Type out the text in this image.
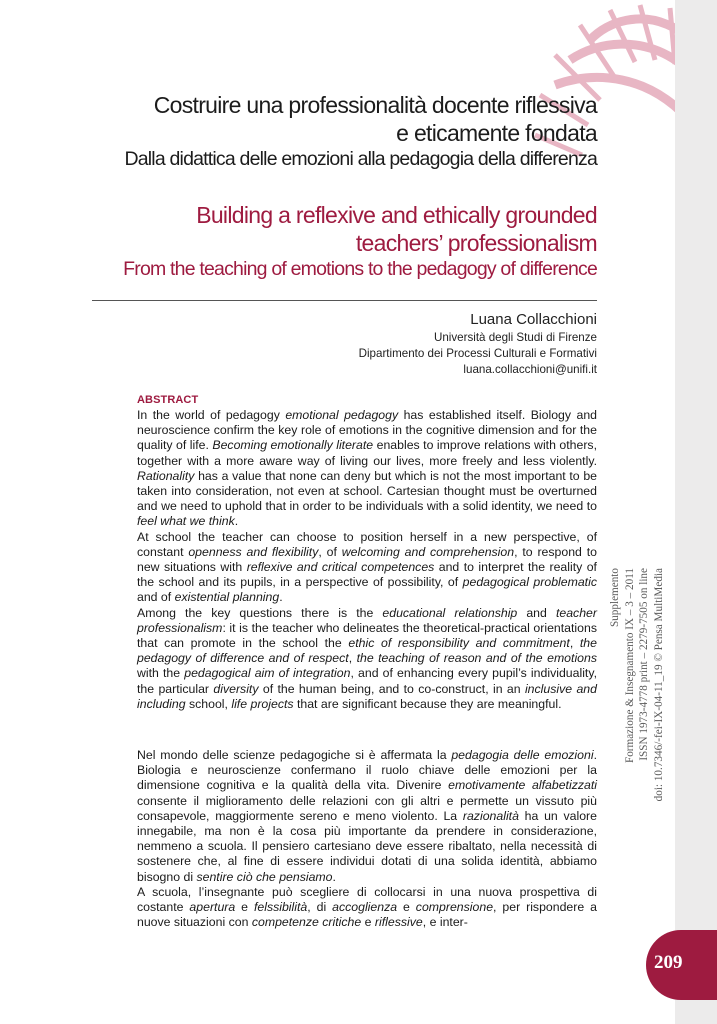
Supplemento Formazione & Insegnamento IX – 3 – 2011 ISSN 1973-4778 print – 2279-7505 on line doi: 10.7346/-fei-IX-04-11_19 © Pensa MultiMedia
209
Costruire una professionalità docente riflessiva
e eticamente fondata
Dalla didattica delle emozioni alla pedagogia della differenza
Building a reflexive and ethically grounded
teachers’ professionalism
From the teaching of emotions to the pedagogy of difference
Luana Collacchioni
Università degli Studi di Firenze
Dipartimento dei Processi Culturali e Formativi
luana.collacchioni@unifi.it
ABSTRACT

In the world of pedagogy emotional pedagogy has established itself. Biology and neuroscience confirm the key role of emotions in the cognitive dimension and for the quality of life. Becoming emotionally literate enables to improve relations with others, together with a more aware way of living our lives, more freely and less violently. Rationality has a value that none can deny but which is not the most important to be taken into consideration, not even at school. Cartesian thought must be overturned and we need to uphold that in order to be individuals with a solid identity, we need to feel what we think.

At school the teacher can choose to position herself in a new perspective, of constant openness and flexibility, of welcoming and comprehension, to respond to new situations with reflexive and critical competences and to interpret the reality of the school and its pupils, in a perspective of possibility, of pedagogical problematic and of existential planning.

Among the key questions there is the educational relationship and teacher professionalism: it is the teacher who delineates the theoretical-practical orientations that can promote in the school the ethic of responsibility and commitment, the pedagogy of difference and of respect, the teaching of reason and of the emotions with the pedagogical aim of integration, and of enhancing every pupil’s individuality, the particular diversity of the human being, and to co-construct, in an inclusive and including school, life projects that are significant because they are meaningful.

Nel mondo delle scienze pedagogiche si è affermata la pedagogia delle emozioni. Biologia e neuroscienze confermano il ruolo chiave delle emozioni per la dimensione cognitiva e la qualità della vita. Divenire emotivamente alfabetizzati consente il miglioramento delle relazioni con gli altri e permette un vissuto più consapevole, maggiormente sereno e meno violento. La razionalità ha un valore innegabile, ma non è la cosa più importante da prendere in considerazione, nemmeno a scuola. Il pensiero cartesiano deve essere ribaltato, nella necessità di sostenere che, al fine di essere individui dotati di una solida identità, abbiamo bisogno di sentire ciò che pensiamo.

A scuola, l’insegnante può scegliere di collocarsi in una nuova prospettiva di costante apertura e felssibilità, di accoglienza e comprensione, per rispondere a nuove situazioni con competenze critiche e riflessive, e inter-
